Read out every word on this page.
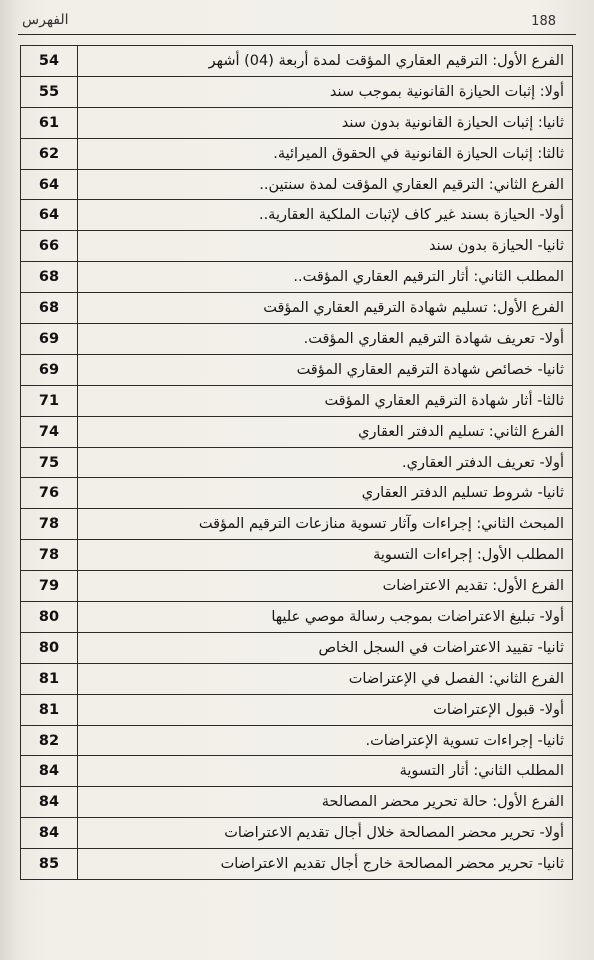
188
الفهرس
54	الفرع الأول: الترقيم العقاري المؤقت لمدة أربعة (04) أشهر
55	أولا: إثبات الحيازة القانونية بموجب سند
61	ثانيا: إثبات الحيازة القانونية بدون سند
62	ثالثا: إثبات الحيازة القانونية في الحقوق الميرائية.
64	الفرع الثاني: الترقيم العقاري المؤقت لمدة سنتين..
64	أولا- الحيازة بسند غير كاف لإثبات الملكية العقارية..
66	ثانيا- الحيازة بدون سند
68	المطلب الثاني: أثار الترقيم العقاري المؤقت..
68	الفرع الأول: تسليم شهادة الترقيم العقاري المؤقت
69	أولا- تعريف شهادة الترقيم العقاري المؤقت.
69	ثانيا- خصائص شهادة الترقيم العقاري المؤقت
71	ثالثا- أثار شهادة الترقيم العقاري المؤقت
74	الفرع الثاني: تسليم الدفتر العقاري
75	أولا- تعريف الدفتر العقاري.
76	ثانيا- شروط تسليم الدفتر العقاري
78	المبحث الثاني: إجراءات وآثار تسوية منازعات الترقيم المؤقت
78	المطلب الأول: إجراءات التسوية
79	الفرع الأول: تقديم الاعتراضات
80	أولا- تبليغ الاعتراضات بموجب رسالة موصي عليها
80	ثانيا- تقييد الاعتراضات في السجل الخاص
81	الفرع الثاني: الفصل في الإعتراضات
81	أولا- قبول الإعتراضات
82	ثانيا- إجراءات تسوية الإعتراضات.
84	المطلب الثاني: أثار التسوية
84	الفرع الأول: حالة تحرير محضر المصالحة
84	أولا- تحرير محضر المصالحة خلال أجال تقديم الاعتراضات
85	ثانيا- تحرير محضر المصالحة خارج أجال تقديم الاعتراضات
